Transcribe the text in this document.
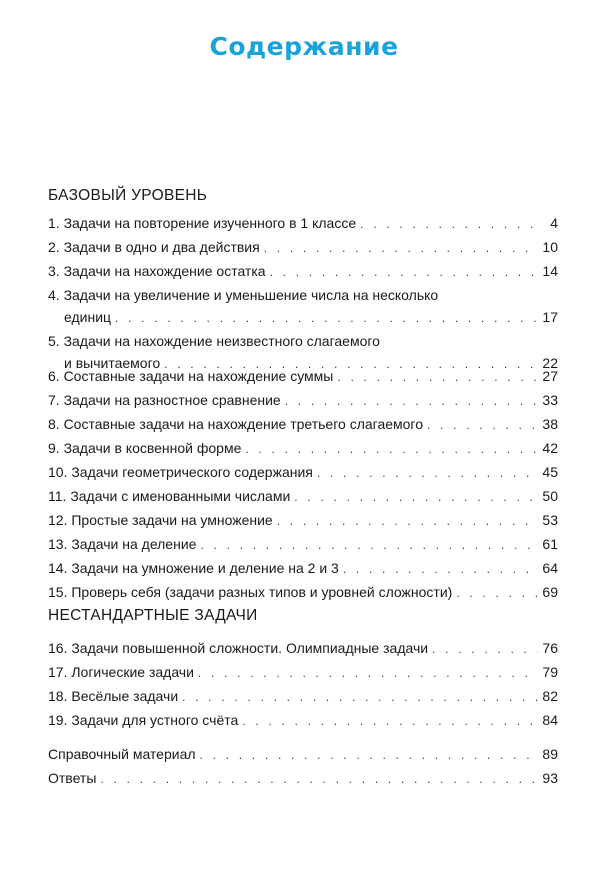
Содержание
БАЗОВЫЙ УРОВЕНЬ
1. Задачи на повторение изученного в 1 классе . . .	4
2. Задачи в одно и два действия . . .	10
3. Задачи на нахождение остатка . . .	14
4. Задачи на увеличение и уменьшение числа на несколько
единиц . . .	17
5. Задачи на нахождение неизвестного слагаемого
и вычитаемого . . .	22
6. Составные задачи на нахождение суммы . . .	27
7. Задачи на разностное сравнение . . .	33
8. Составные задачи на нахождение третьего слагаемого . . .	38
9. Задачи в косвенной форме . . .	42
10. Задачи геометрического содержания . . .	45
11. Задачи с именованными числами . . .	50
12. Простые задачи на умножение . . .	53
13. Задачи на деление . . .	61
14. Задачи на умножение и деление на 2 и 3 . . .	64
15. Проверь себя (задачи разных типов и уровней сложности) . . .	69
НЕСТАНДАРТНЫЕ ЗАДАЧИ
16. Задачи повышенной сложности. Олимпиадные задачи . . .	76
17. Логические задачи . . .	79
18. Весёлые задачи . . .	82
19. Задачи для устного счёта . . .	84
Справочный материал . . .	89
Ответы . . .	93
